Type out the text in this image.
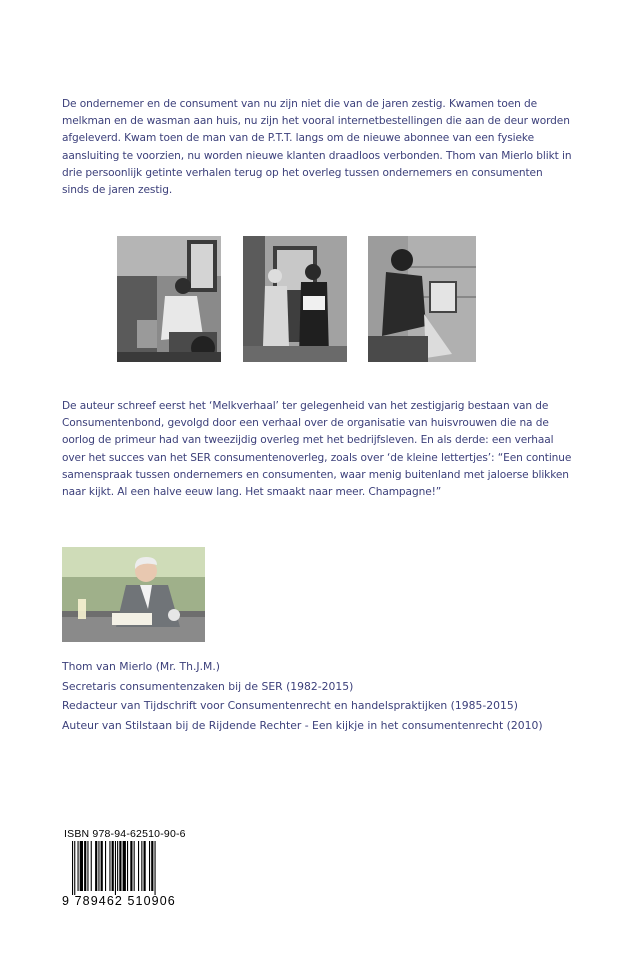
De ondernemer en de consument van nu zijn niet die van de jaren zestig. Kwamen toen de melkman en de wasman aan huis, nu zijn het vooral internetbestellingen die aan de deur worden afgeleverd. Kwam toen de man van de P.T.T. langs om de nieuwe abonnee van een fysieke aansluiting te voorzien, nu worden nieuwe klanten draadloos verbonden. Thom van Mierlo blikt in drie persoonlijk getinte verhalen terug op het overleg tussen ondernemers en consumenten sinds de jaren zestig.

De auteur schreef eerst het ‘Melkverhaal’ ter gelegenheid van het zestigjarig bestaan van de Consumentenbond, gevolgd door een verhaal over de organisatie van huisvrouwen die na de oorlog de primeur had van tweezijdig overleg met het bedrijfsleven. En als derde: een verhaal over het succes van het SER consumentenoverleg, zoals over ‘de kleine lettertjes’: “Een continue samenspraak tussen ondernemers en consumenten, waar menig buitenland met jaloerse blikken naar kijkt. Al een halve eeuw lang. Het smaakt naar meer. Champagne!”

Thom van Mierlo (Mr. Th.J.M.)
Secretaris consumentenzaken bij de SER (1982-2015)
Redacteur van Tijdschrift voor Consumentenrecht en handelspraktijken (1985-2015)
Auteur van Stilstaan bij de Rijdende Rechter - Een kijkje in het consumentenrecht (2010)
ISBN 978-94-62510-90-6
9 789462 510906
